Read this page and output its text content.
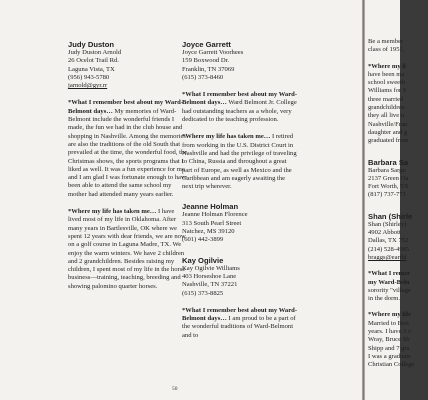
Judy Duston
Judy Duston Arnold
26 Ocelot Trail Rd.
Laguna Vista, TX
(956) 943-5780
jarnold@gyr.rr
*What I remember best about my Ward-Belmont days… My memories of Ward-Belmont include the wonderful friends I made, the fun we had in the club house and shopping in Nashville. Among the memories are also the traditions of the old South that prevailed at the time, the wonderful food, the Christmas shows, the sports programs that I liked as well. It was a fun experience for me and I am glad I was fortunate enough to have been able to attend the same school my mother had attended many years earlier.
*Where my life has taken me… I have lived most of my life in Oklahoma. After many years in Bartlesville, OK where we spent 12 years with dear friends, we are now on a golf course in Laguna Madre, TX. We enjoy the warm winters. We have 2 children and 2 grandchildren. Besides raising my children, I spent most of my life in the horse business—training, teaching, breeding and showing palomino quarter horses.
Joyce Garrett
Joyce Garrett Voorhees
159 Boxwood Dr.
Franklin, TN 37069
(615) 373-8460
*What I remember best about my Ward-Belmont days… Ward Belmont Jr. College had outstanding teachers as a whole, very dedicated to the teaching profession.
*Where my life has taken me… I retired from working in the U.S. District Court in Nashville and had the privilege of traveling to China, Russia and throughout a great part of Europe, as well as Mexico and the Caribbean and am eagerly awaiting the next trip wherever.
Jeanne Holman
Jeanne Holman Florence
313 South Pearl Street
Natchez, MS 39120
(601) 442-3899
Kay Ogilvie
Kay Ogilvie Williams
403 Horseshoe Lane
Nashville, TN 37221
(615) 373-8825
*What I remember best about my Ward-Belmont days… I am proud to be a part of the wonderful traditions of Ward-Belmont and to
50
Be a member
class of 1951,
*Where my li
have been ma
school sweeth
Williams for 5
three married
grandchildren
they all live n
Nashville/Fran
daughter and g
graduated from
Barbara Sa
Barbara Sargu
2137 Green Oa
Fort Worth, TX
(817) 737-771
Shan (Shirle
Shan (Shirley)
4902 Abbott
Dallas, TX 752
(214) 528-4985
braggs@earthl
*What I remer
my Ward-Beln
sorority "village
in the dorm.
*Where my life
Married to Bert
years. I have 3 c
Wray, Bruce Sh
Shipp and 7 gra
I was a graduate
Christian College
